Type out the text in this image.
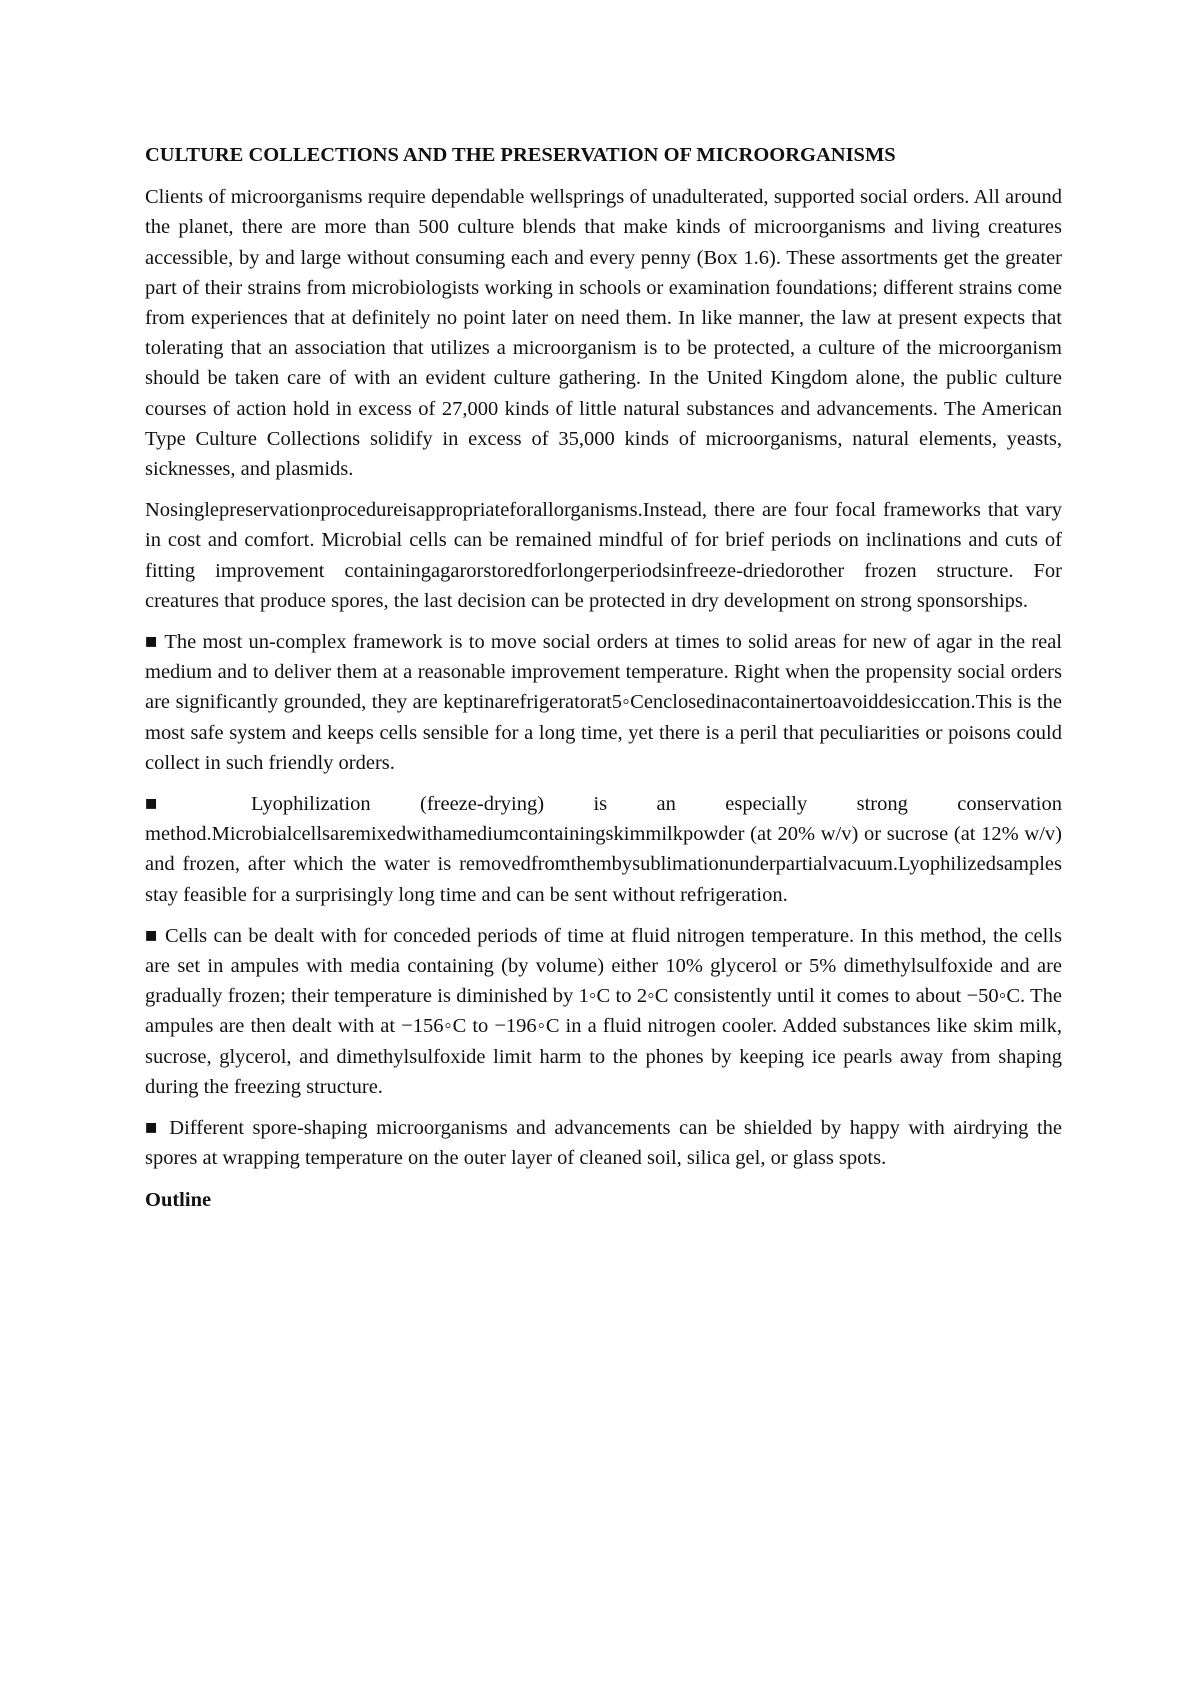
CULTURE COLLECTIONS AND THE PRESERVATION OF MICROORGANISMS

Clients of microorganisms require dependable wellsprings of unadulterated, supported social orders. All around the planet, there are more than 500 culture blends that make kinds of microorganisms and living creatures accessible, by and large without consuming each and every penny (Box 1.6). These assortments get the greater part of their strains from microbiologists working in schools or examination foundations; different strains come from experiences that at definitely no point later on need them. In like manner, the law at present expects that tolerating that an association that utilizes a microorganism is to be protected, a culture of the microorganism should be taken care of with an evident culture gathering. In the United Kingdom alone, the public culture courses of action hold in excess of 27,000 kinds of little natural substances and advancements. The American Type Culture Collections solidify in excess of 35,000 kinds of microorganisms, natural elements, yeasts, sicknesses, and plasmids.

Nosinglepreservationprocedureisappropriateforallorganisms.Instead, there are four focal frameworks that vary in cost and comfort. Microbial cells can be remained mindful of for brief periods on inclinations and cuts of fitting improvement containingagarorstoredforlongerperiodsinfreeze-driedorother frozen structure. For creatures that produce spores, the last decision can be protected in dry development on strong sponsorships.

■ The most un-complex framework is to move social orders at times to solid areas for new of agar in the real medium and to deliver them at a reasonable improvement temperature. Right when the propensity social orders are significantly grounded, they are keptinarefrigeratorat5◦Cenclosedinacontainertoavoiddesiccation.This is the most safe system and keeps cells sensible for a long time, yet there is a peril that peculiarities or poisons could collect in such friendly orders.

■ Lyophilization (freeze-drying) is an especially strong conservation method.Microbialcellsaremixedwithamediumcontainingskimmilkpowder (at 20% w/v) or sucrose (at 12% w/v) and frozen, after which the water is removedfromthembysublimationunderpartialvacuum.Lyophilizedsamples stay feasible for a surprisingly long time and can be sent without refrigeration.

■ Cells can be dealt with for conceded periods of time at fluid nitrogen temperature. In this method, the cells are set in ampules with media containing (by volume) either 10% glycerol or 5% dimethylsulfoxide and are gradually frozen; their temperature is diminished by 1◦C to 2◦C consistently until it comes to about −50◦C. The ampules are then dealt with at −156◦C to −196◦C in a fluid nitrogen cooler. Added substances like skim milk, sucrose, glycerol, and dimethylsulfoxide limit harm to the phones by keeping ice pearls away from shaping during the freezing structure.

■ Different spore-shaping microorganisms and advancements can be shielded by happy with airdrying the spores at wrapping temperature on the outer layer of cleaned soil, silica gel, or glass spots.

Outline
